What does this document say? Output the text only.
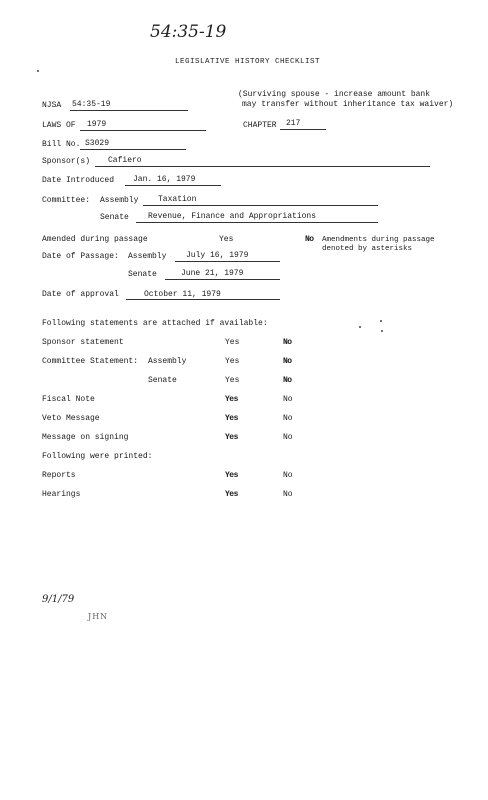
54:35-19
LEGISLATIVE HISTORY CHECKLIST
(Surviving spouse - increase amount bank
may transfer without inheritance tax waiver)
NJSA 54:35-19
LAWS OF 1979	CHAPTER 217
Bill No. S3029
Sponsor(s) Cafiero
Date Introduced Jan. 16, 1979
Committee: Assembly Taxation
Senate Revenue, Finance and Appropriations
Amended during passage	Yes	No Amendments during passage
denoted by asterisks
Date of Passage: Assembly July 16, 1979
Senate	June 21, 1979
Date of approval	October 11, 1979
Following statements are attached if available:
Sponsor statement	Yes	No
Committee Statement: Assembly	Yes	No
Senate	Yes	No
Fiscal Note	Yes	No
Veto Message	Yes	No
Message on signing	Yes	No
Following were printed:
Reports	Yes	No
Hearings	Yes	No
9/1/79
JHN
